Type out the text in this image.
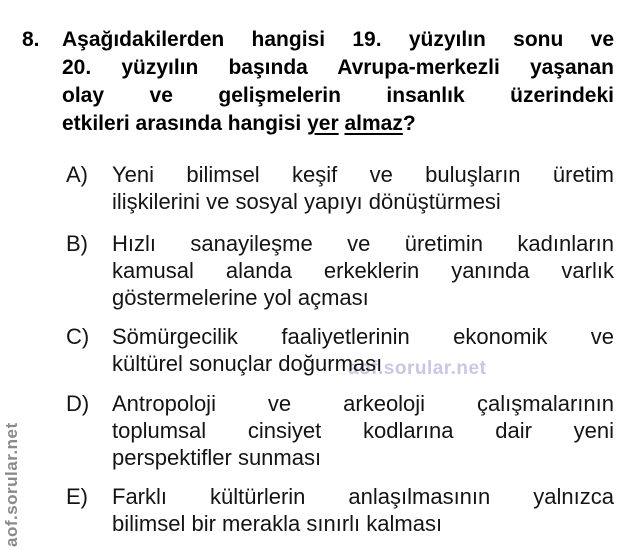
aof.sorular.net
aof.sorular.net
8.	Aşağıdakilerden hangisi 19. yüzyılın sonu ve
20. yüzyılın başında Avrupa-merkezli yaşanan
olay ve gelişmelerin insanlık üzerindeki
etkileri arasında hangisi yer almaz?
A)	Yeni bilimsel keşif ve buluşların üretim
ilişkilerini ve sosyal yapıyı dönüştürmesi
B)	Hızlı sanayileşme ve üretimin kadınların
kamusal alanda erkeklerin yanında varlık
göstermelerine yol açması
C)	Sömürgecilik faaliyetlerinin ekonomik ve
kültürel sonuçlar doğurması
D)	Antropoloji ve arkeoloji çalışmalarının
toplumsal cinsiyet kodlarına dair yeni
perspektifler sunması
E)	Farklı kültürlerin anlaşılmasının yalnızca
bilimsel bir merakla sınırlı kalması
